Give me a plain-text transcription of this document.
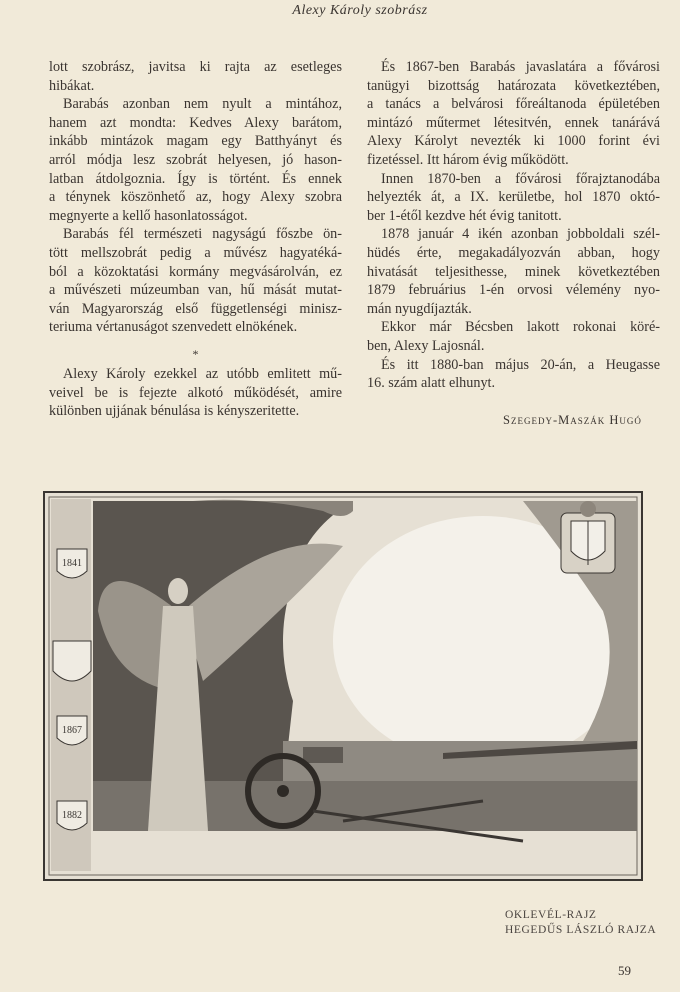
Alexy Károly szobrász
lott szobrász, javitsa ki rajta az esetleges
hibákat.
Barabás azonban nem nyult a mintához,
hanem azt mondta: Kedves Alexy barátom,
inkább mintázok magam egy Batthyányt és
arról módja lesz szobrát helyesen, jó hason-
latban átdolgoznia. Így is történt. És ennek
a ténynek köszönhető az, hogy Alexy szobra
megnyerte a kellő hasonlatosságot.
Barabás fél természeti nagyságú főszbe ön-
tött mellszobrát pedig a művész hagyatéká-
ból a közoktatási kormány megvásárolván, ez
a művészeti múzeumban van, hű mását mutat-
ván Magyarország első függetlenségi minisz-
teriuma vértanuságot szenvedett elnökének.
*
Alexy Károly ezekkel az utóbb emlitett mű-
veivel be is fejezte alkotó működését, amire
különben ujjának bénulása is kényszeritette.
És 1867-ben Barabás javaslatára a fővárosi
tanügyi bizottság határozata következtében,
a tanács a belvárosi főreáltanoda épületében
mintázó műtermet létesitvén, ennek tanárává
Alexy Károlyt nevezték ki 1000 forint évi
fizetéssel. Itt három évig működött.
Innen 1870-ben a fővárosi főrajztanodába
helyezték át, a IX. kerületbe, hol 1870 októ-
ber 1-étől kezdve hét évig tanitott.
1878 január 4 ikén azonban jobboldali szél-
hüdés érte, megakadályozván abban, hogy
hivatását teljesithesse, minek következtében
1879 februárius 1-én orvosi vélemény nyo-
mán nyugdíjazták.
Ekkor már Bécsben lakott rokonai köré-
ben, Alexy Lajosnál.
És itt 1880-ban május 20-án, a Heugasse
16. szám alatt elhunyt.
Szegedy-Maszák Hugó
1841
1867
1882
OKLEVÉL-RAJZ
HEGEDŰS LÁSZLÓ RAJZA
59
